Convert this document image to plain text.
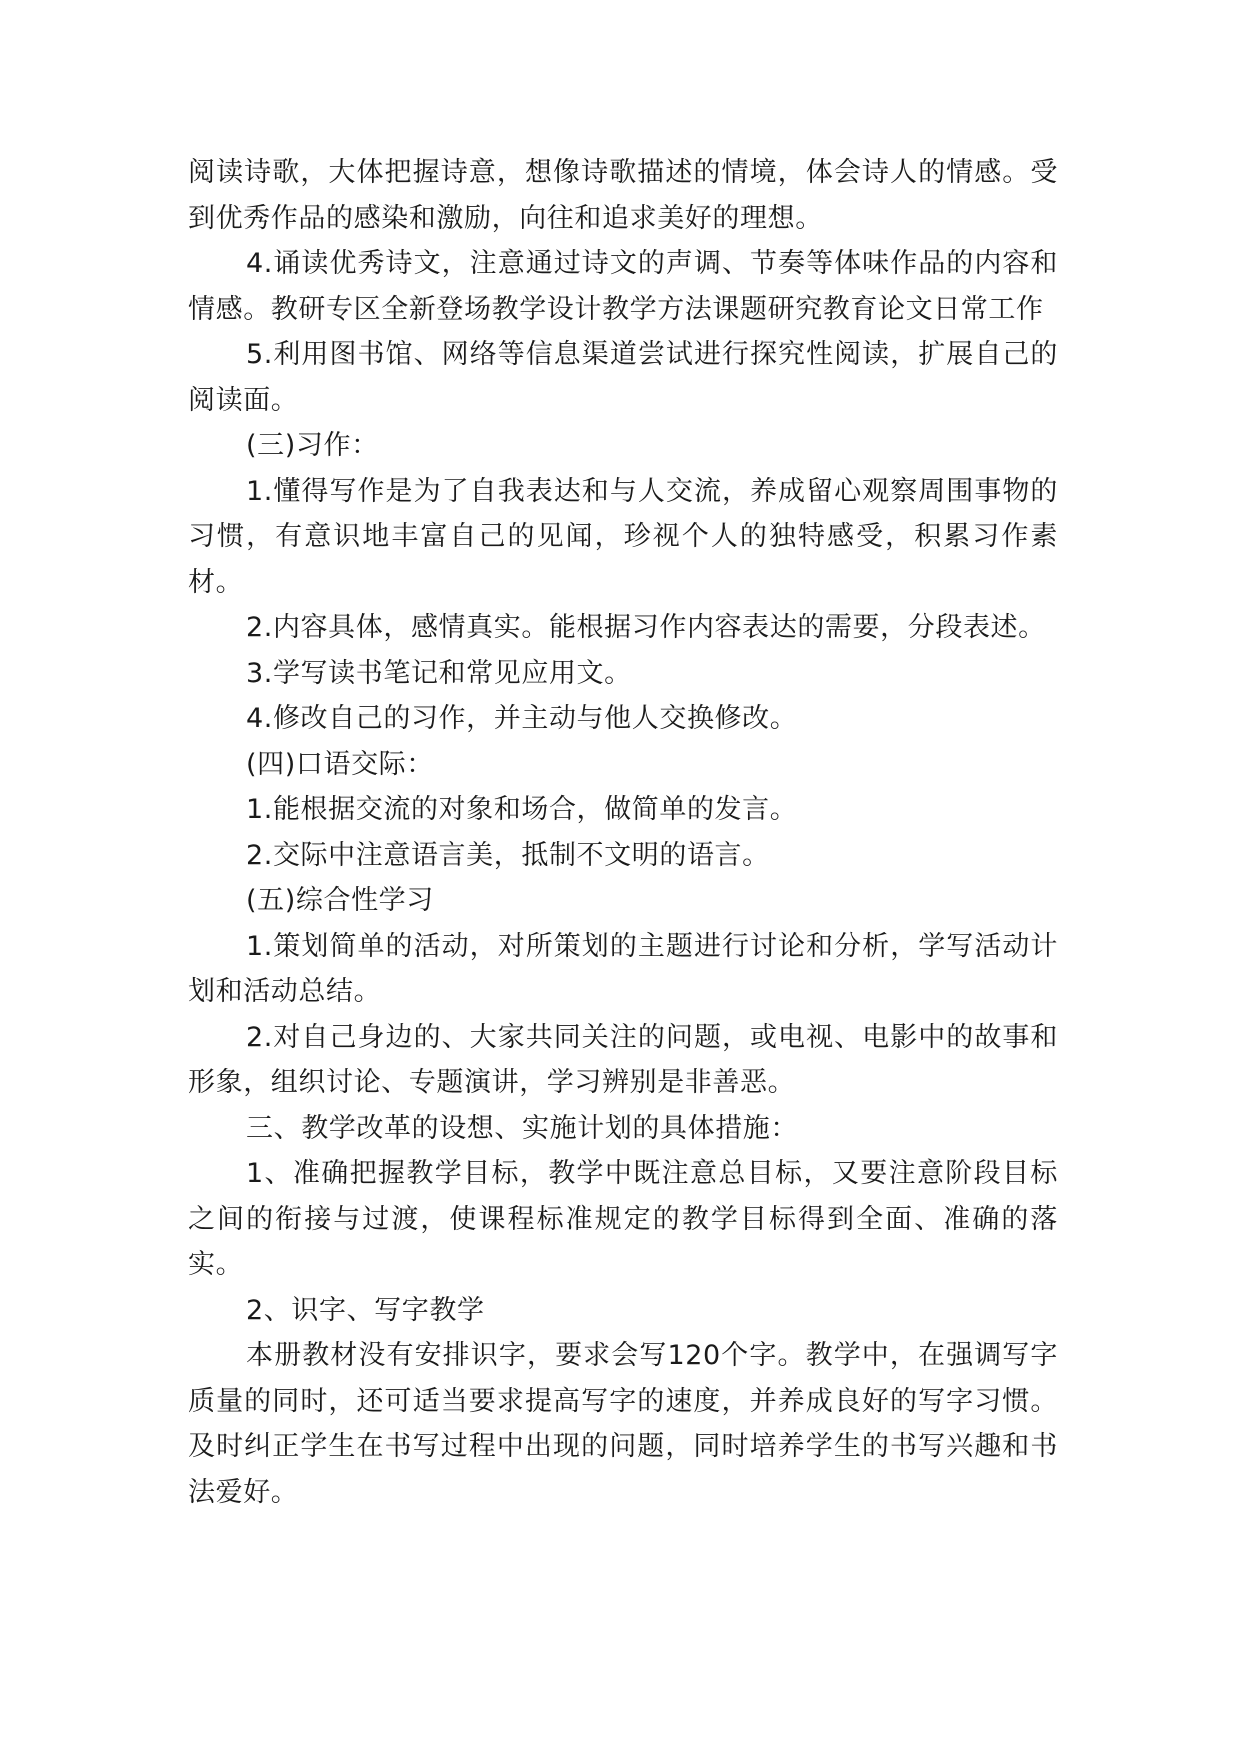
阅读诗歌，大体把握诗意，想像诗歌描述的情境，体会诗人的情感。受到优秀作品的感染和激励，向往和追求美好的理想。

4.诵读优秀诗文，注意通过诗文的声调、节奏等体味作品的内容和情感。教研专区全新登场教学设计教学方法课题研究教育论文日常工作

5.利用图书馆、网络等信息渠道尝试进行探究性阅读，扩展自己的阅读面。

(三)习作：

1.懂得写作是为了自我表达和与人交流，养成留心观察周围事物的习惯，有意识地丰富自己的见闻，珍视个人的独特感受，积累习作素材。

2.内容具体，感情真实。能根据习作内容表达的需要，分段表述。

3.学写读书笔记和常见应用文。

4.修改自己的习作，并主动与他人交换修改。

(四)口语交际：

1.能根据交流的对象和场合，做简单的发言。

2.交际中注意语言美，抵制不文明的语言。

(五)综合性学习

1.策划简单的活动，对所策划的主题进行讨论和分析，学写活动计划和活动总结。

2.对自己身边的、大家共同关注的问题，或电视、电影中的故事和形象，组织讨论、专题演讲，学习辨别是非善恶。

三、教学改革的设想、实施计划的具体措施：

1、准确把握教学目标，教学中既注意总目标，又要注意阶段目标之间的衔接与过渡，使课程标准规定的教学目标得到全面、准确的落实。

2、识字、写字教学

本册教材没有安排识字，要求会写120个字。教学中，在强调写字质量的同时，还可适当要求提高写字的速度，并养成良好的写字习惯。及时纠正学生在书写过程中出现的问题，同时培养学生的书写兴趣和书法爱好。
